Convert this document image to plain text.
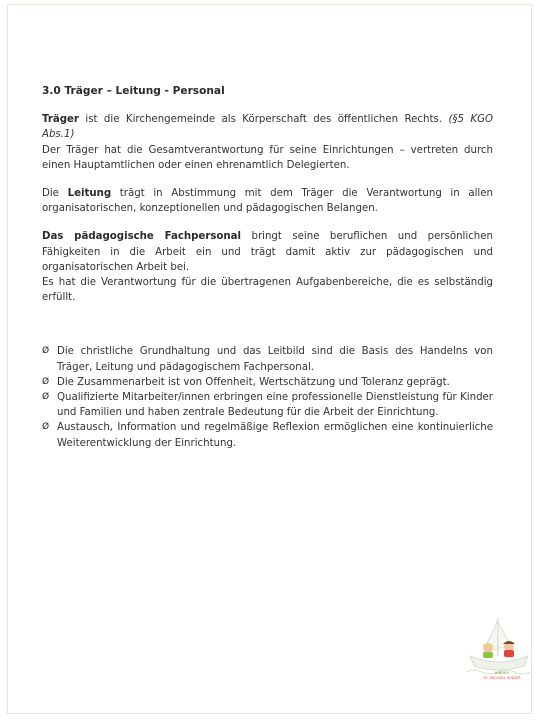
3.0 Träger – Leitung - Personal

Träger ist die Kirchengemeinde als Körperschaft des öffentlichen Rechts. (§5 KGO Abs.1)
Der Träger hat die Gesamtverantwortung für seine Einrichtungen – vertreten durch einen Hauptamtlichen oder einen ehrenamtlich Delegierten.

Die Leitung trägt in Abstimmung mit dem Träger die Verantwortung in allen organisatorischen, konzeptionellen und pädagogischen Belangen.

Das pädagogische Fachpersonal bringt seine beruflichen und persönlichen Fähigkeiten in die Arbeit ein und trägt damit aktiv zur pädagogischen und organisatorischen Arbeit bei.
Es hat die Verantwortung für die übertragenen Aufgabenbereiche, die es selbständig erfüllt.

Ø Die christliche Grundhaltung und das Leitbild sind die Basis des Handelns von Träger, Leitung und pädagogischem Fachpersonal.
Ø Die Zusammenarbeit ist von Offenheit, Wertschätzung und Toleranz geprägt.
Ø Qualifizierte Mitarbeiter/innen erbringen eine professionelle Dienstleistung für Kinder und Familien und haben zentrale Bedeutung für die Arbeit der Einrichtung.
Ø Austausch, Information und regelmäßige Reflexion ermöglichen eine kontinuierliche Weiterentwicklung der Einrichtung.
KINDER
ST. MICHAEL KINDER
